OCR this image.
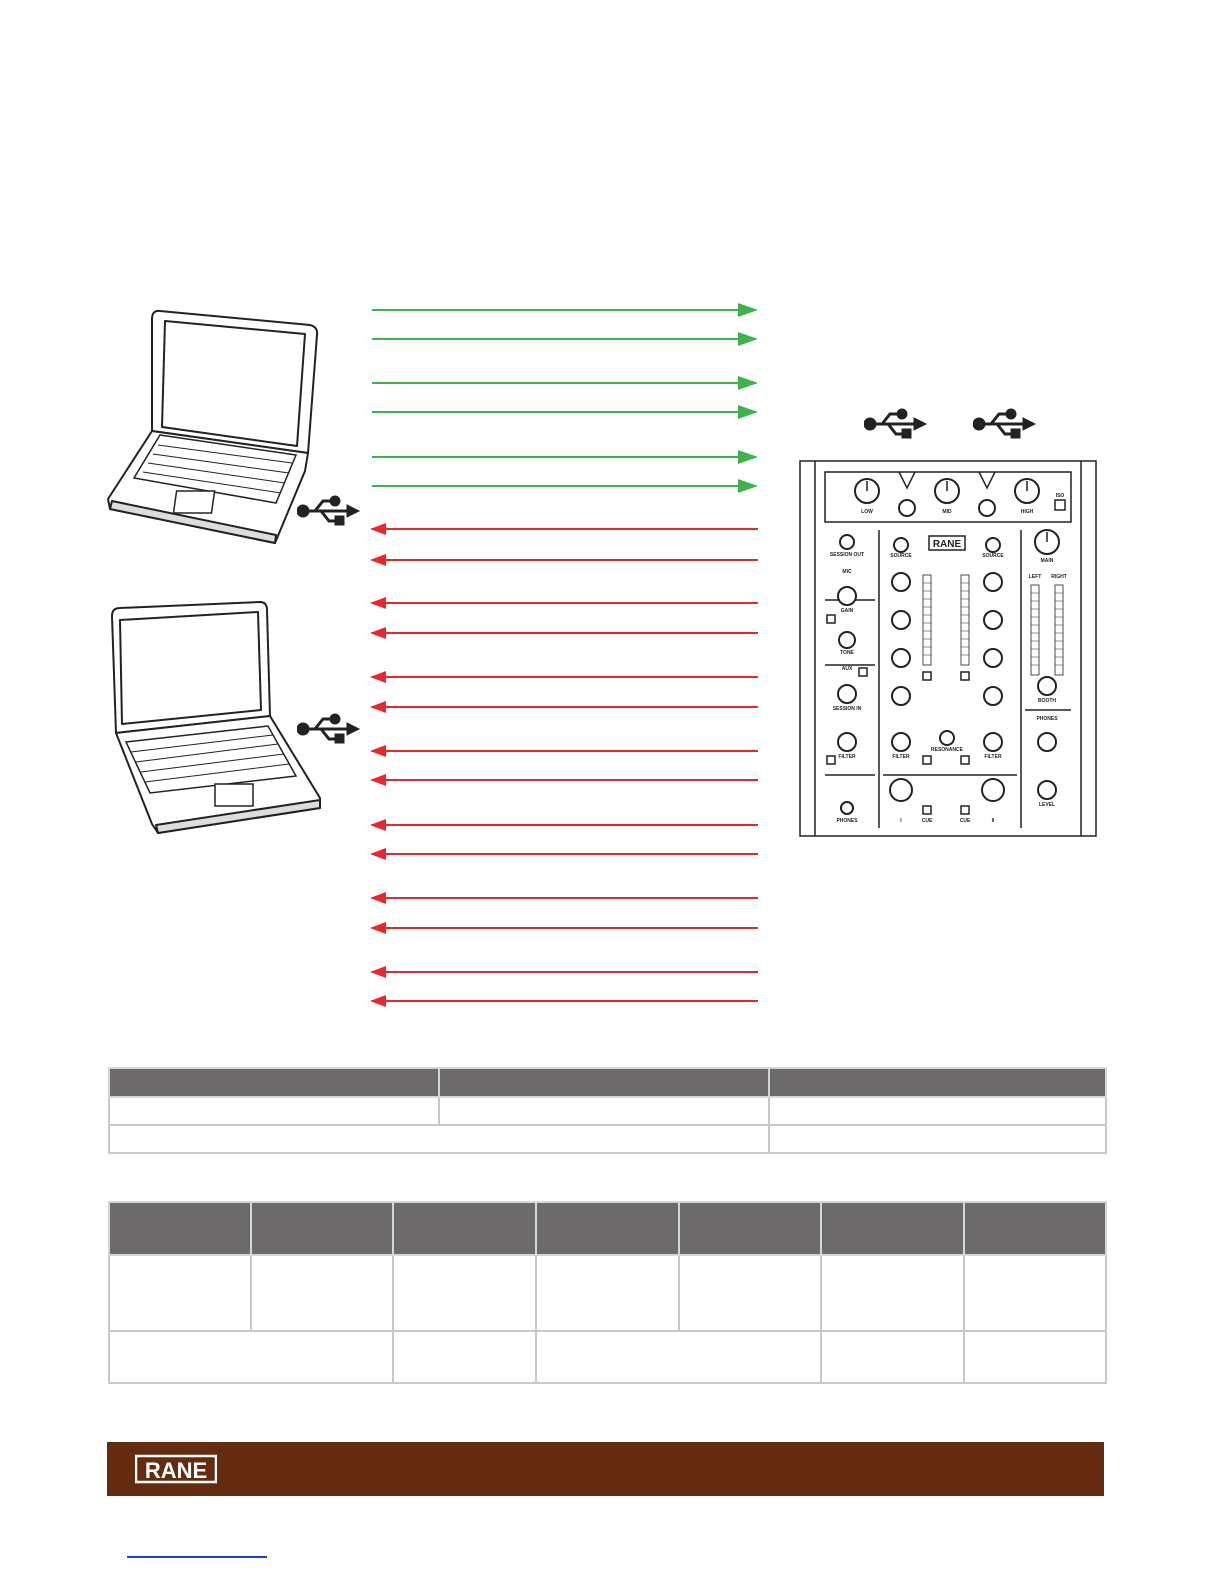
RANE
LOW	MID	HIGH
ISO
SESSION OUT	SOURCE	SOURCE
MAIN
MIC
GAIN
TONE
AUX
SESSION IN
FILTER	FILTER
RESONANCE
FILTER
LEFT RIGHT
BOOTH
PHONES
LEVEL
PHONES	CUE	CUE
I	II

RANE
